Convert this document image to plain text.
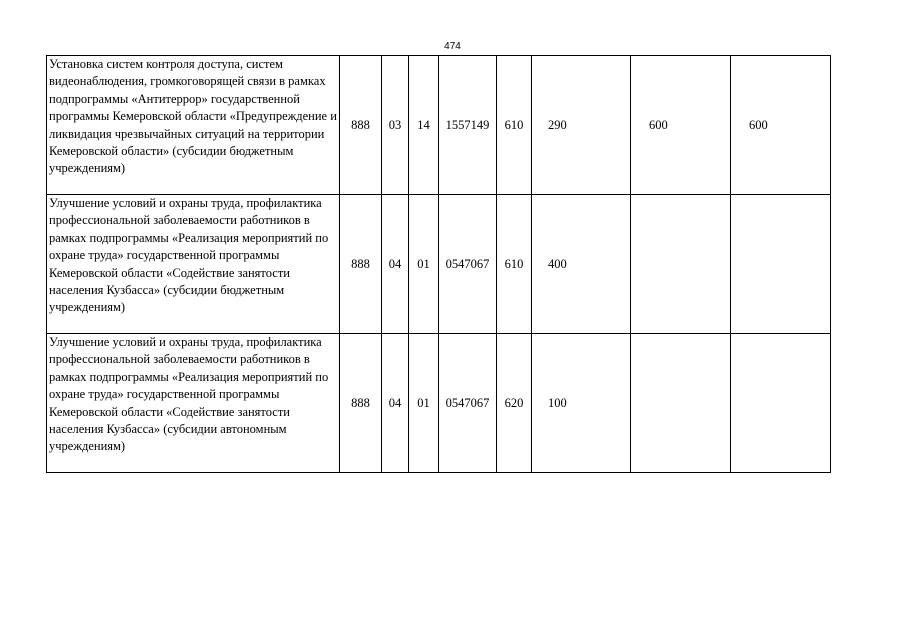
474
Установка систем контроля доступа, систем видеонаблюдения, громкоговорящей связи в рамках подпрограммы «Антитеррор» государственной программы Кемеровской области «Предупреждение и ликвидация чрезвычайных ситуаций на территории Кемеровской области» (субсидии бюджетным учреждениям)	888	03	14	1557149	610	290	600	600
Улучшение условий и охраны труда, профилактика профессиональной заболеваемости работников в рамках подпрограммы «Реализация мероприятий по охране труда» государственной программы Кемеровской области «Содействие занятости населения Кузбасса» (субсидии бюджетным учреждениям)	888	04	01	0547067	610	400		
Улучшение условий и охраны труда, профилактика профессиональной заболеваемости работников в рамках подпрограммы «Реализация мероприятий по охране труда» государственной программы Кемеровской области «Содействие занятости населения Кузбасса» (субсидии автономным учреждениям)	888	04	01	0547067	620	100		
